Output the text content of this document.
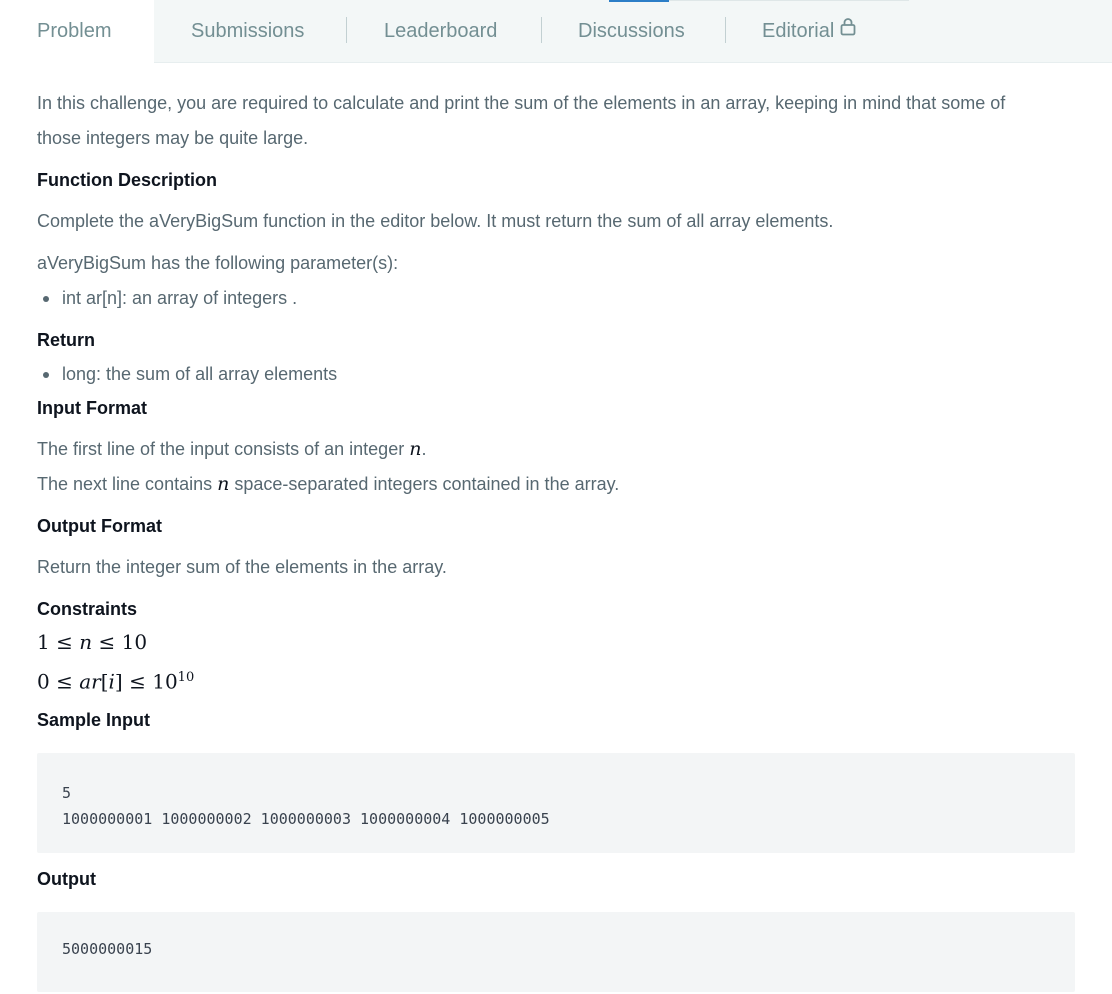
Problem	Submissions	Leaderboard	Discussions	Editorial

In this challenge, you are required to calculate and print the sum of the elements in an array, keeping in mind that some of

those integers may be quite large.

Function Description

Complete the aVeryBigSum function in the editor below. It must return the sum of all array elements.

aVeryBigSum has the following parameter(s):

int ar[n]: an array of integers .
Return
long: the sum of all array elements
Input Format

The first line of the input consists of an integer n.

The next line contains n space-separated integers contained in the array.

Output Format

Return the integer sum of the elements in the array.

Constraints
1 ≤ n ≤ 10
$0 \le ar[i] \le 10^{10}$
Sample Input
5
1000000001 1000000002 1000000003 1000000004 1000000005
Output
5000000015
